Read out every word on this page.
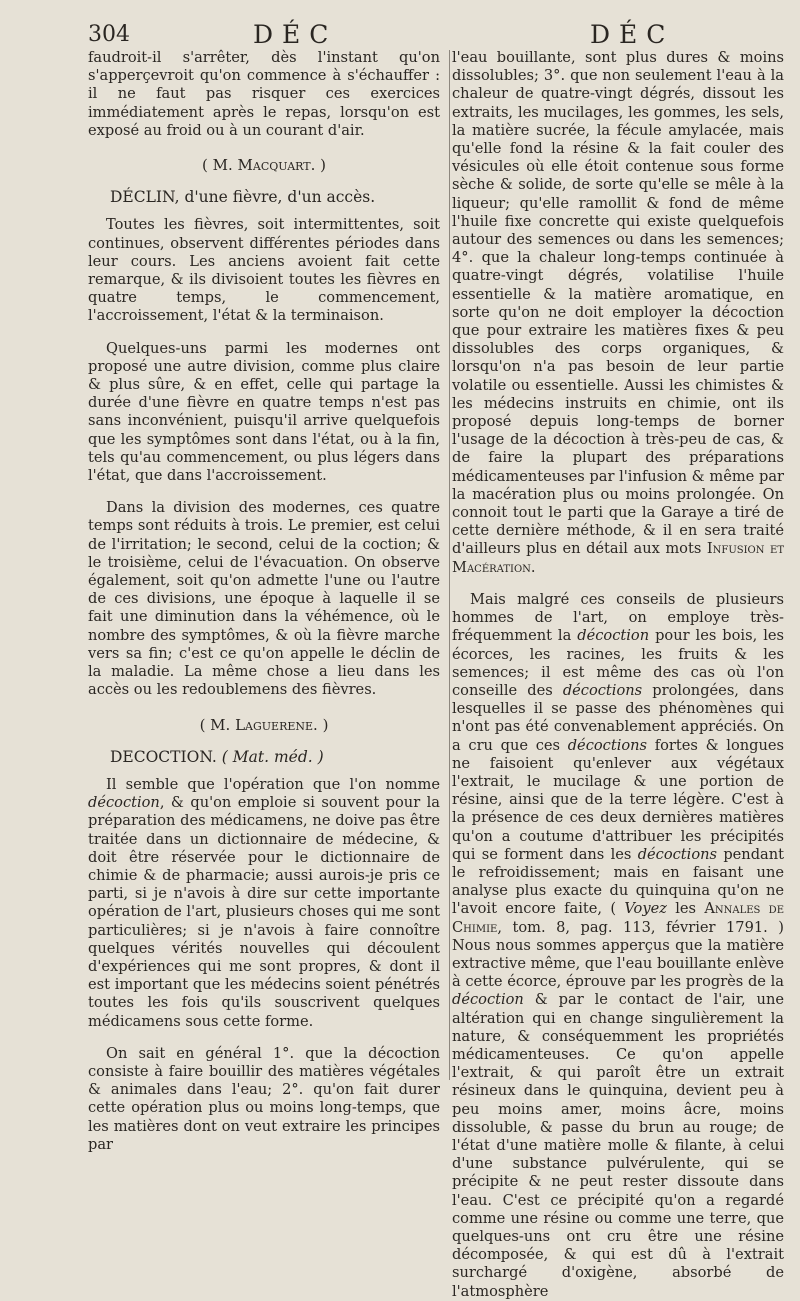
304	DÉC	DÉC

faudroit-il s'arrêter, dès l'instant qu'on s'apperçevroit qu'on commence à s'échauffer : il ne faut pas risquer ces exercices immédiatement après le repas, lorsqu'on est exposé au froid ou à un courant d'air.

( M. Macquart. )

DÉCLIN, d'une fièvre, d'un accès.

Toutes les fièvres, soit intermittentes, soit continues, observent différentes périodes dans leur cours. Les anciens avoient fait cette remarque, & ils divisoient toutes les fièvres en quatre temps, le commencement, l'accroissement, l'état & la terminaison.

Quelques-uns parmi les modernes ont proposé une autre division, comme plus claire & plus sûre, & en effet, celle qui partage la durée d'une fièvre en quatre temps n'est pas sans inconvénient, puisqu'il arrive quelquefois que les symptômes sont dans l'état, ou à la fin, tels qu'au commencement, ou plus légers dans l'état, que dans l'accroissement.

Dans la division des modernes, ces quatre temps sont réduits à trois. Le premier, est celui de l'irritation; le second, celui de la coction; & le troisième, celui de l'évacuation. On observe également, soit qu'on admette l'une ou l'autre de ces divisions, une époque à laquelle il se fait une diminution dans la véhémence, où le nombre des symptômes, & où la fièvre marche vers sa fin; c'est ce qu'on appelle le déclin de la maladie. La même chose a lieu dans les accès ou les redoublemens des fièvres.

( M. Laguerene. )

DECOCTION. ( Mat. méd. )

Il semble que l'opération que l'on nomme décoction, & qu'on emploie si souvent pour la préparation des médicamens, ne doive pas être traitée dans un dictionnaire de médecine, & doit être réservée pour le dictionnaire de chimie & de pharmacie; aussi aurois-je pris ce parti, si je n'avois à dire sur cette importante opération de l'art, plusieurs choses qui me sont particulières; si je n'avois à faire connoître quelques vérités nouvelles qui découlent d'expériences qui me sont propres, & dont il est important que les médecins soient pénétrés toutes les fois qu'ils souscrivent quelques médicamens sous cette forme.

On sait en général 1°. que la décoction consiste à faire bouillir des matières végétales & animales dans l'eau; 2°. qu'on fait durer cette opération plus ou moins long-temps, que les matières dont on veut extraire les principes par

l'eau bouillante, sont plus dures & moins dissolubles; 3°. que non seulement l'eau à la chaleur de quatre-vingt dégrés, dissout les extraits, les mucilages, les gommes, les sels, la matière sucrée, la fécule amylacée, mais qu'elle fond la résine & la fait couler des vésicules où elle étoit contenue sous forme sèche & solide, de sorte qu'elle se mêle à la liqueur; qu'elle ramollit & fond de même l'huile fixe concrette qui existe quelquefois autour des semences ou dans les semences; 4°. que la chaleur long-temps continuée à quatre-vingt dégrés, volatilise l'huile essentielle & la matière aromatique, en sorte qu'on ne doit employer la décoction que pour extraire les matières fixes & peu dissolubles des corps organiques, & lorsqu'on n'a pas besoin de leur partie volatile ou essentielle. Aussi les chimistes & les médecins instruits en chimie, ont ils proposé depuis long-temps de borner l'usage de la décoction à très-peu de cas, & de faire la plupart des préparations médicamenteuses par l'infusion & même par la macération plus ou moins prolongée. On connoit tout le parti que la Garaye a tiré de cette dernière méthode, & il en sera traité d'ailleurs plus en détail aux mots Infusion et Macération.

Mais malgré ces conseils de plusieurs hommes de l'art, on employe très-fréquemment la décoction pour les bois, les écorces, les racines, les fruits & les semences; il est même des cas où l'on conseille des décoctions prolongées, dans lesquelles il se passe des phénomènes qui n'ont pas été convenablement appréciés. On a cru que ces décoctions fortes & longues ne faisoient qu'enlever aux végétaux l'extrait, le mucilage & une portion de résine, ainsi que de la terre légère. C'est à la présence de ces deux dernières matières qu'on a coutume d'attribuer les précipités qui se forment dans les décoctions pendant le refroidissement; mais en faisant une analyse plus exacte du quinquina qu'on ne l'avoit encore faite, ( Voyez les Annales de Chimie, tom. 8, pag. 113, février 1791. ) Nous nous sommes apperçus que la matière extractive même, que l'eau bouillante enlève à cette écorce, éprouve par les progrès de la décoction & par le contact de l'air, une altération qui en change singulièrement la nature, & conséquemment les propriétés médicamenteuses. Ce qu'on appelle l'extrait, & qui paroît être un extrait résineux dans le quinquina, devient peu à peu moins amer, moins âcre, moins dissoluble, & passe du brun au rouge; de l'état d'une matière molle & filante, à celui d'une substance pulvérulente, qui se précipite & ne peut rester dissoute dans l'eau. C'est ce précipité qu'on a regardé comme une résine ou comme une terre, que quelques-uns ont cru être une résine décomposée, & qui est dû à l'extrait surchargé d'oxigène, absorbé de l'atmosphère
